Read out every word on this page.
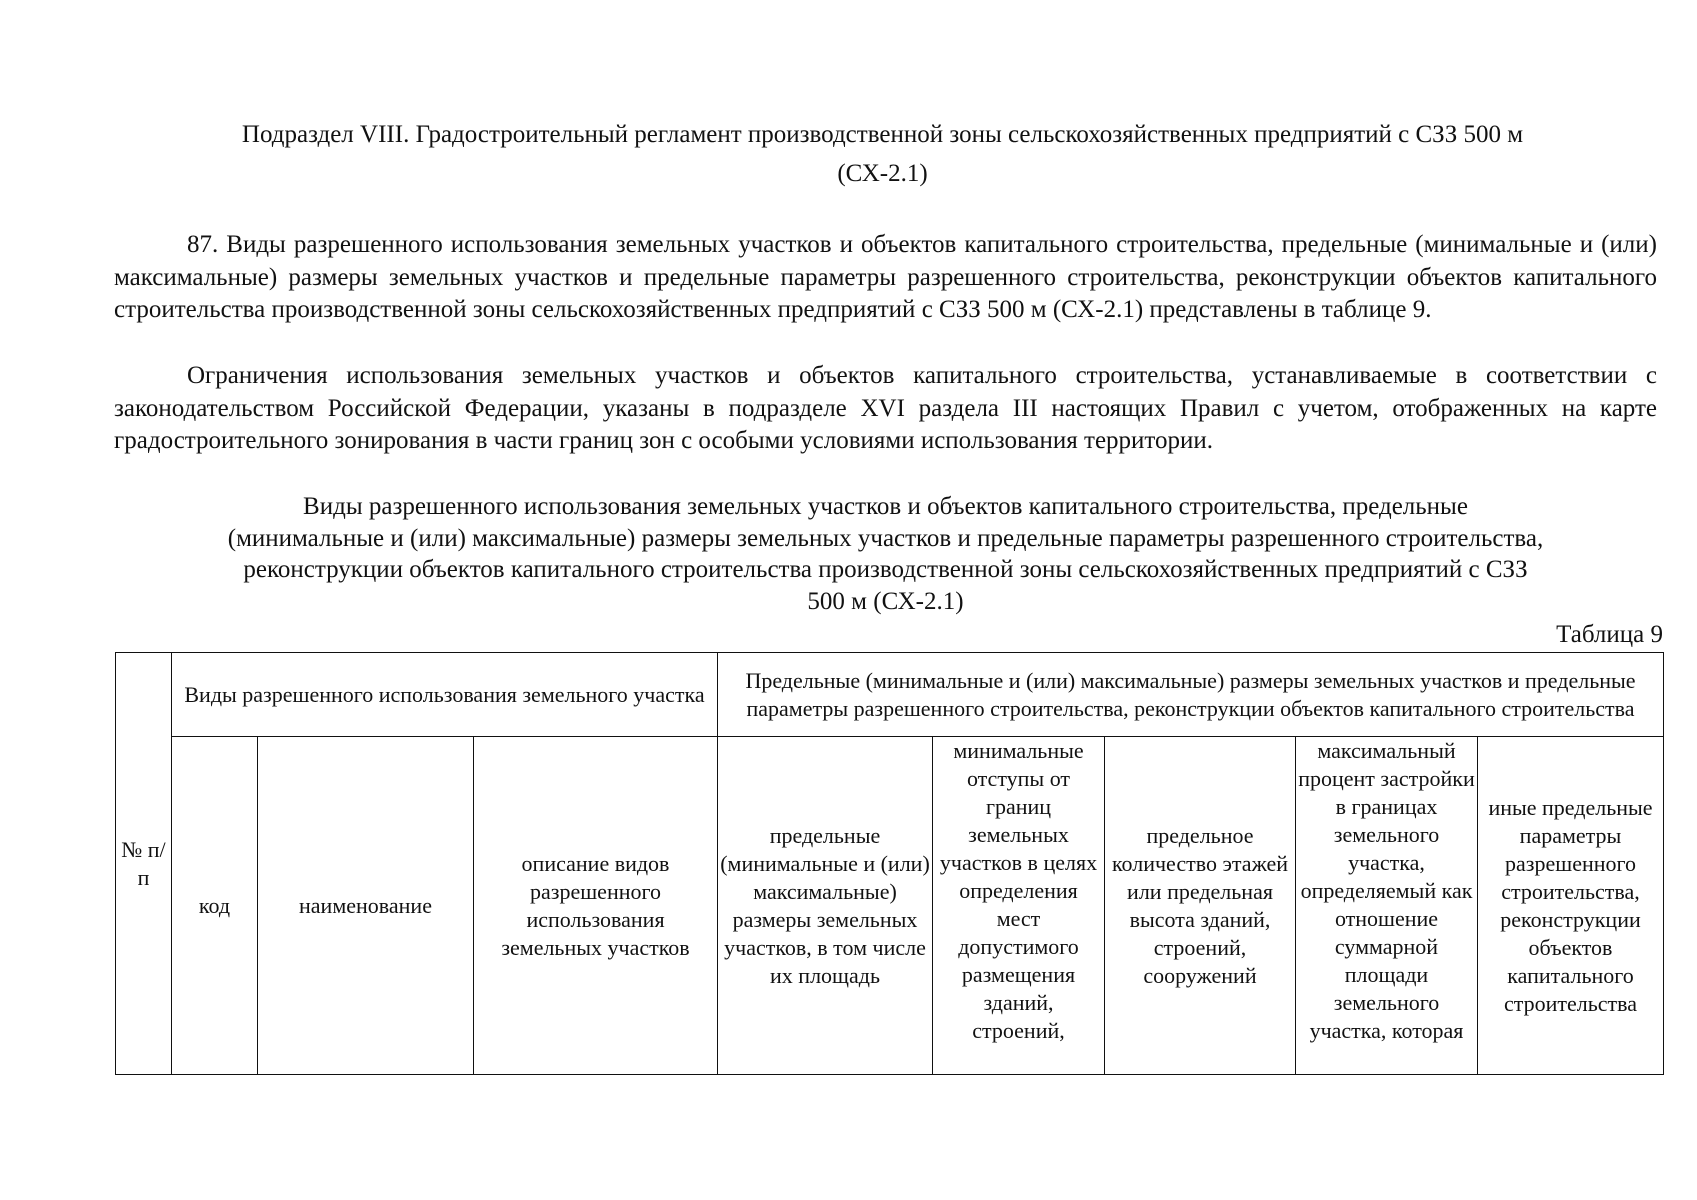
Подраздел VIII. Градостроительный регламент производственной зоны сельскохозяйственных предприятий с СЗЗ 500 м
(СХ-2.1)

87. Виды разрешенного использования земельных участков и объектов капитального строительства, предельные (минимальные и (или) максимальные) размеры земельных участков и предельные параметры разрешенного строительства, реконструкции объектов капитального строительства производственной зоны сельскохозяйственных предприятий с СЗЗ 500 м (СХ-2.1) представлены в таблице 9.

Ограничения использования земельных участков и объектов капитального строительства, устанавливаемые в соответствии с законодательством Российской Федерации, указаны в подразделе XVI раздела III настоящих Правил с учетом, отображенных на карте градостроительного зонирования в части границ зон с особыми условиями использования территории.

Виды разрешенного использования земельных участков и объектов капитального строительства, предельные
(минимальные и (или) максимальные) размеры земельных участков и предельные параметры разрешенного строительства,
реконструкции объектов капитального строительства производственной зоны сельскохозяйственных предприятий с СЗЗ
500 м (СХ-2.1)
Таблица 9
№ п/п	Виды разрешенного использования земельного участка			Предельные (минимальные и (или) максимальные) размеры земельных участков и предельные параметры разрешенного строительства, реконструкции объектов капитального строительства				
	код	наименование	описание видов разрешенного использования земельных участков	предельные (минимальные и (или) максимальные) размеры земельных участков, в том числе их площадь	минимальные отступы от границ земельных участков в целях определения мест допустимого размещения зданий, строений,	предельное количество этажей или предельная высота зданий, строений, сооружений	максимальный процент застройки в границах земельного участка, определяемый как отношение суммарной площади земельного участка, которая	иные предельные параметры разрешенного строительства, реконструкции объектов капитального строительства
